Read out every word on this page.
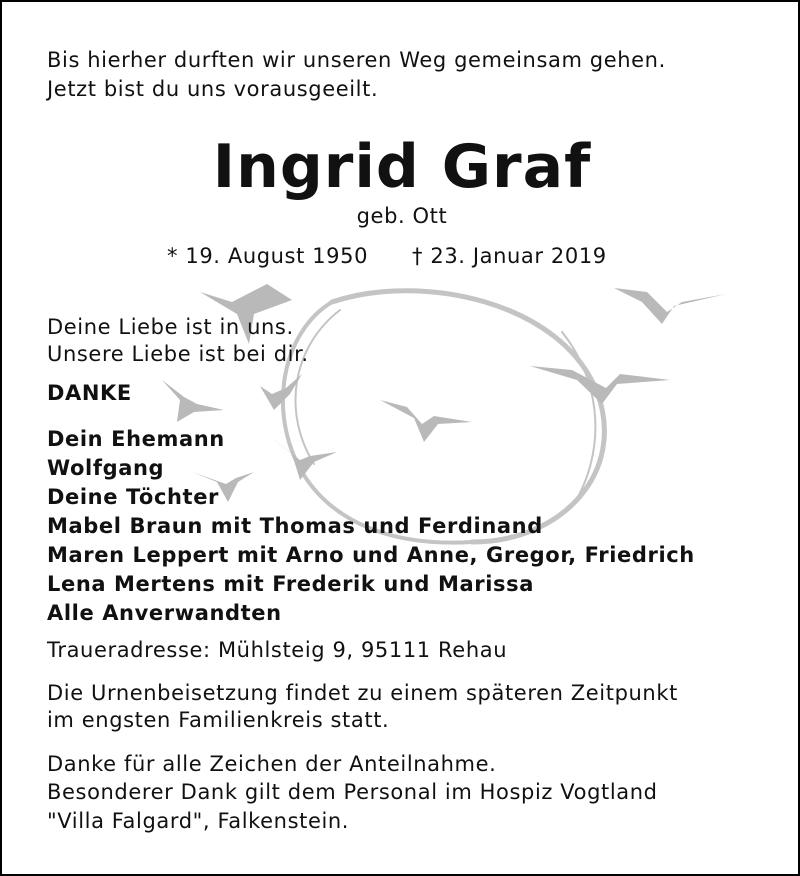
Bis hierher durften wir unseren Weg gemeinsam gehen.
Jetzt bist du uns vorausgeeilt.
Ingrid Graf
geb. Ott
* 19. August 1950 † 23. Januar 2019
Deine Liebe ist in uns.
Unsere Liebe ist bei dir.
DANKE
Dein Ehemann
Wolfgang
Deine Töchter
Mabel Braun mit Thomas und Ferdinand
Maren Leppert mit Arno und Anne, Gregor, Friedrich
Lena Mertens mit Frederik und Marissa
Alle Anverwandten
Traueradresse: Mühlsteig 9, 95111 Rehau
Die Urnenbeisetzung findet zu einem späteren Zeitpunkt
im engsten Familienkreis statt.
Danke für alle Zeichen der Anteilnahme.
Besonderer Dank gilt dem Personal im Hospiz Vogtland
"Villa Falgard", Falkenstein.
